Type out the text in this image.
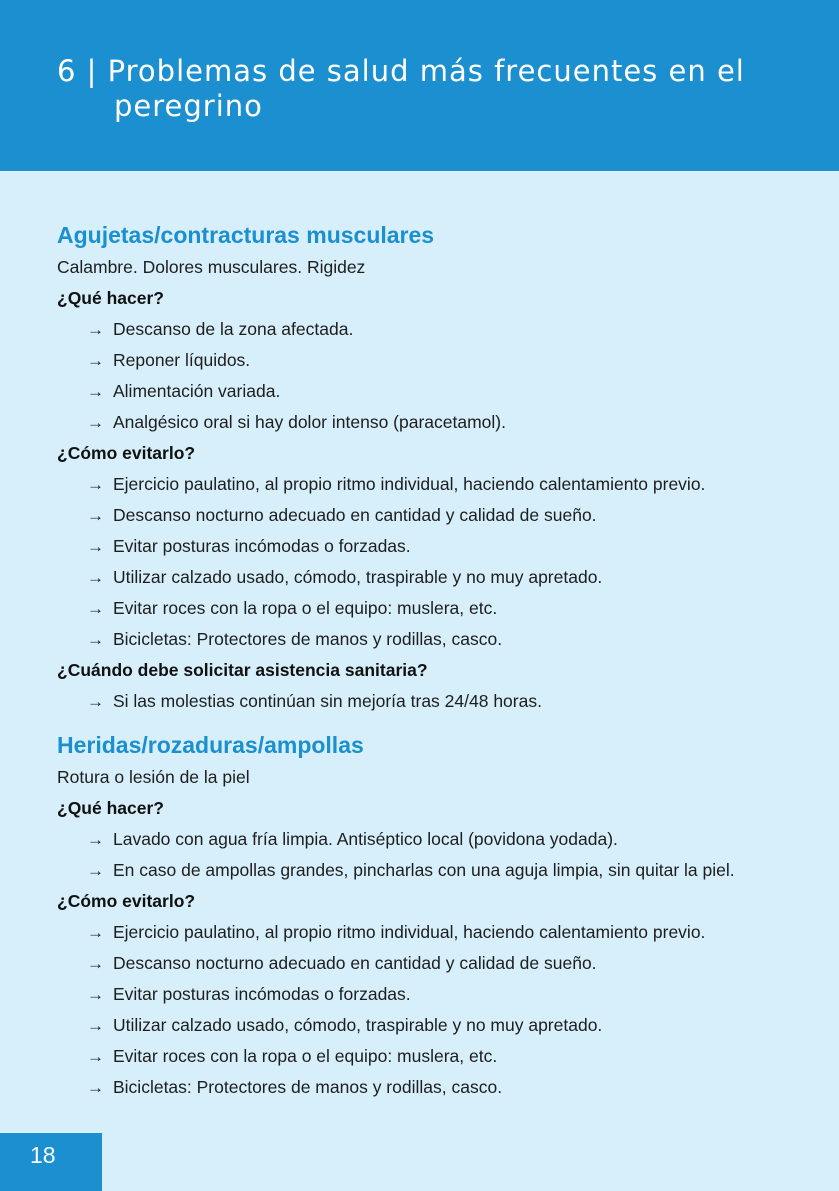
6 | Problemas de salud más frecuentes en el
peregrino
Agujetas/contracturas musculares

Calambre. Dolores musculares. Rigidez

¿Qué hacer?
→ Descanso de la zona afectada.
→ Reponer líquidos.
→ Alimentación variada.
→ Analgésico oral si hay dolor intenso (paracetamol).
¿Cómo evitarlo?
→ Ejercicio paulatino, al propio ritmo individual, haciendo calentamiento previo.
→ Descanso nocturno adecuado en cantidad y calidad de sueño.
→ Evitar posturas incómodas o forzadas.
→ Utilizar calzado usado, cómodo, traspirable y no muy apretado.
→ Evitar roces con la ropa o el equipo: muslera, etc.
→ Bicicletas: Protectores de manos y rodillas, casco.
¿Cuándo debe solicitar asistencia sanitaria?
→ Si las molestias continúan sin mejoría tras 24/48 horas.
Heridas/rozaduras/ampollas

Rotura o lesión de la piel

¿Qué hacer?
→ Lavado con agua fría limpia. Antiséptico local (povidona yodada).
→ En caso de ampollas grandes, pincharlas con una aguja limpia, sin quitar la piel.
¿Cómo evitarlo?
→ Ejercicio paulatino, al propio ritmo individual, haciendo calentamiento previo.
→ Descanso nocturno adecuado en cantidad y calidad de sueño.
→ Evitar posturas incómodas o forzadas.
→ Utilizar calzado usado, cómodo, traspirable y no muy apretado.
→ Evitar roces con la ropa o el equipo: muslera, etc.
→ Bicicletas: Protectores de manos y rodillas, casco.

18
